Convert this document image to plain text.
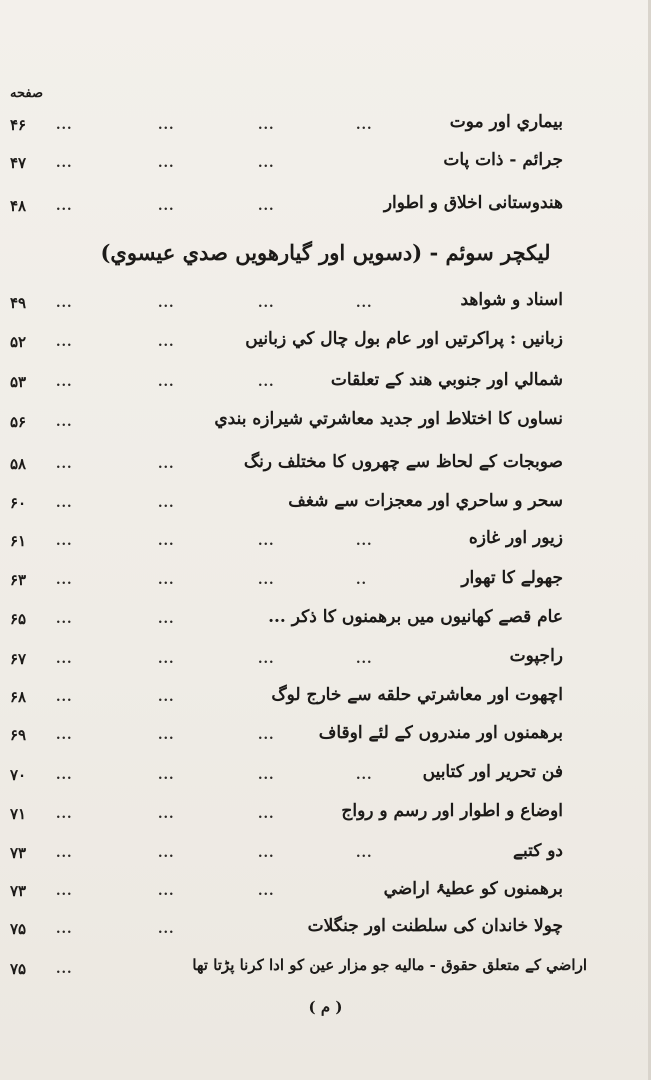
صفحه
۴۶	...	...	...	...	بیماري اور موت
۴۷	...	...	...	جرائم - ذات پات
۴۸	...	...	...	هندوستانی اخلاق و اطوار
لیکچر سوئم - (دسویں اور گیارهویں صدي عیسوي)
۴۹	...	...	...	...	اسناد و شواهد
۵۲	...	...	زبانیں : پراکرتیں اور عام بول چال کي زبانیں
۵۳	...	...	...	شمالي اور جنوبي هند کے تعلقات
۵۶	...	نساوں کا اختلاط اور جدید معاشرتي شیرازه بندي
۵۸	...	...	صوبجات کے لحاظ سے چهروں کا مختلف رنگ
۶۰	...	...	سحر و ساحري اور معجزات سے شغف
۶۱	...	...	...	...	زیور اور غازه
۶۳	...	...	...	..	جهولے کا تهوار
۶۵	...	...	عام قصے کهانیوں میں برهمنوں کا ذکر ...
۶۷	...	...	...	...	راجپوت
۶۸	...	...	اچهوت اور معاشرتي حلقه سے خارج لوگ
۶۹	...	...	...	برهمنوں اور مندروں کے لئے اوقاف
۷۰	...	...	...	...	فن تحریر اور کتابیں
۷۱	...	...	...	اوضاع و اطوار اور رسم و رواج
۷۳	...	...	...	...	دو کتبے
۷۳	...	...	...	برهمنوں کو عطیۂ اراضي
۷۵	...	...	چولا خاندان کی سلطنت اور جنگلات
۷۵	...	اراضي کے متعلق حقوق - مالیه جو مزار عین کو ادا کرنا پڑتا تها
( م )
